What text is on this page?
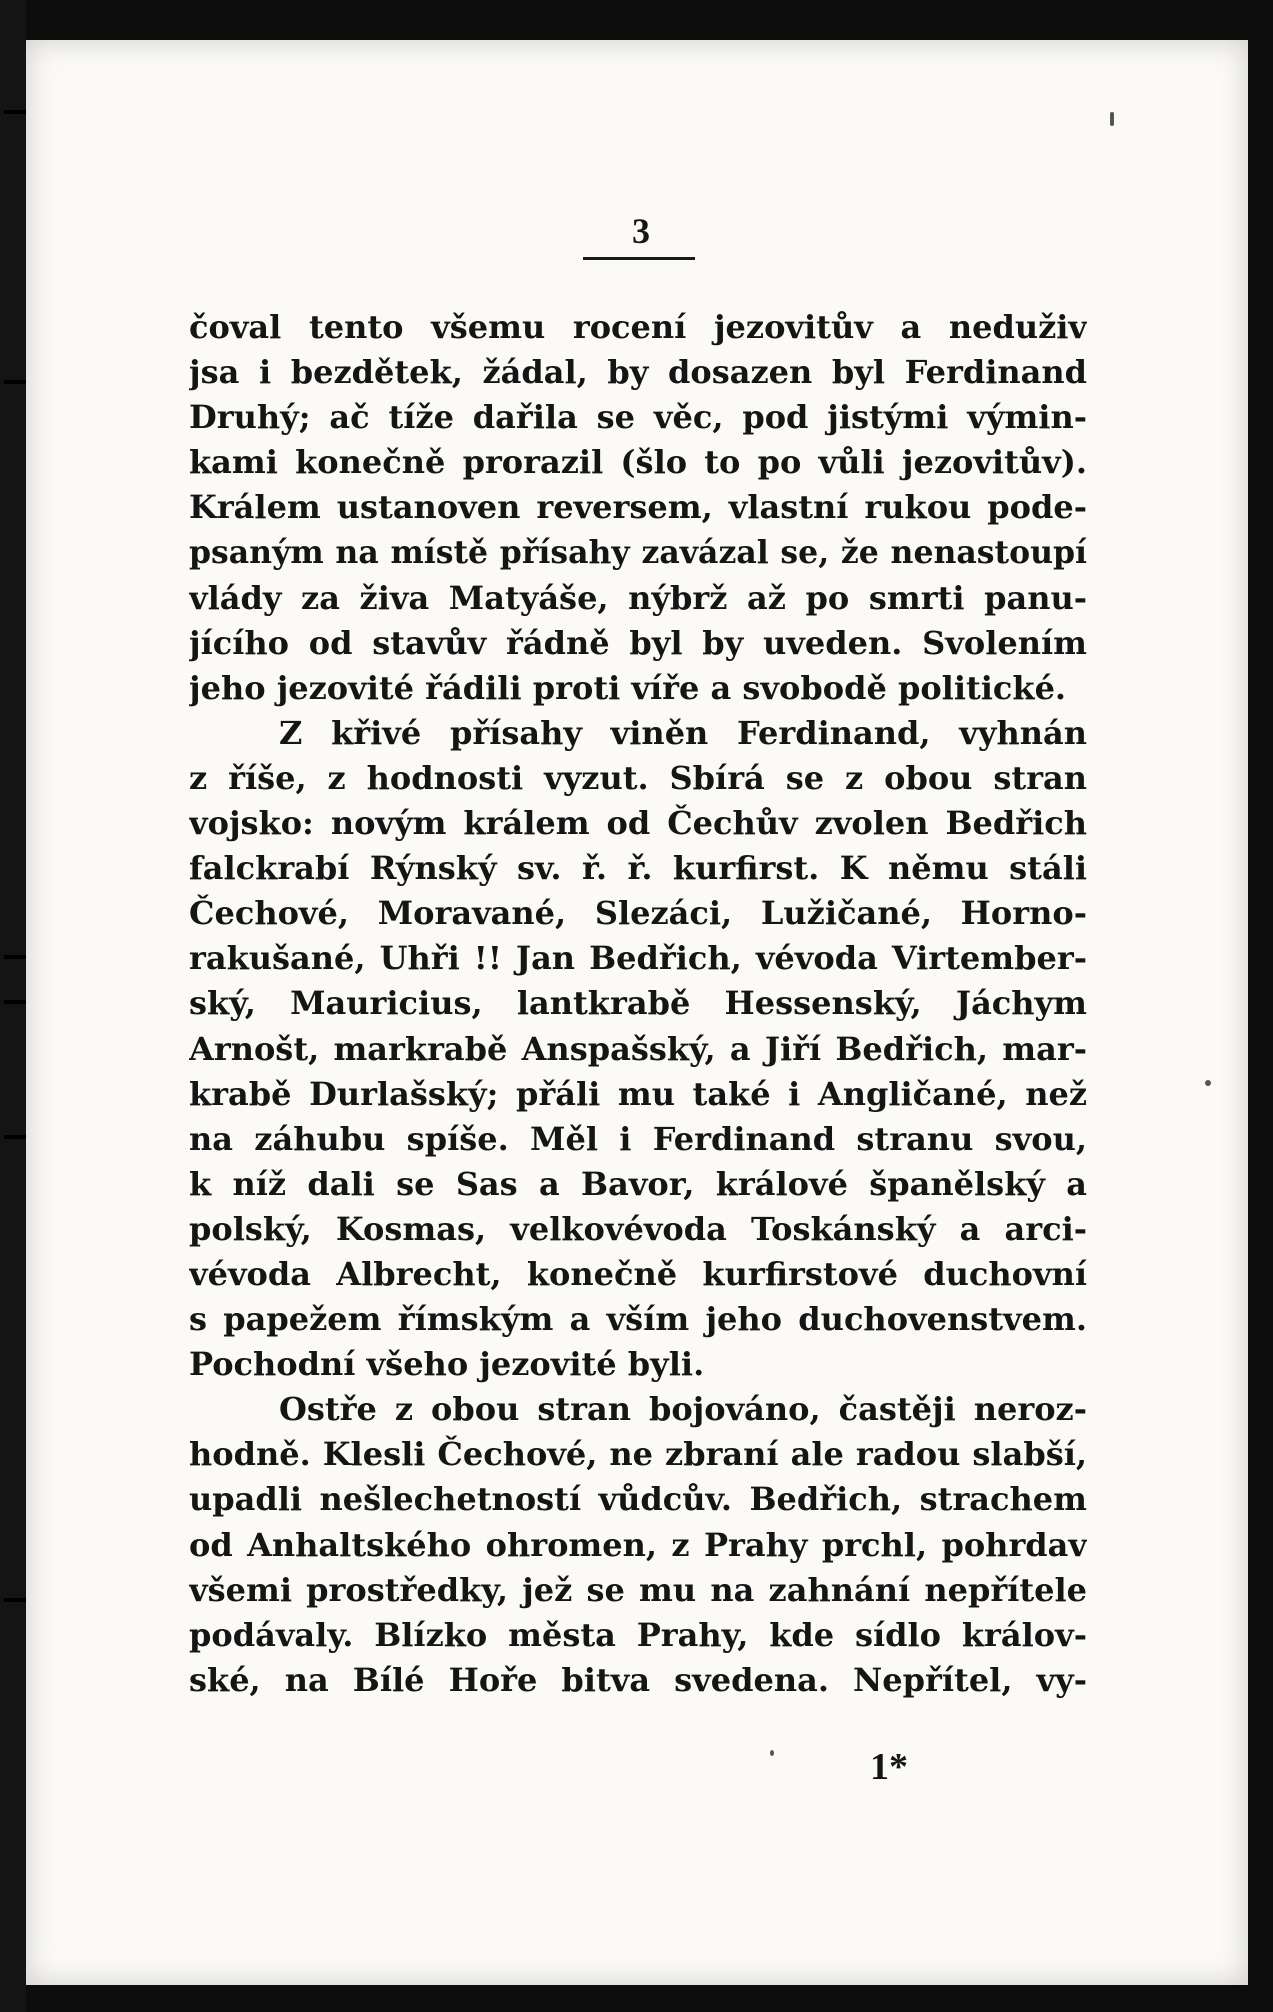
3
čoval tento všemu rocení jezovitův a neduživ
jsa i bezdětek, žádal, by dosazen byl Ferdinand
Druhý; ač tíže dařila se věc, pod jistými výmin-
kami konečně prorazil (šlo to po vůli jezovitův).
Králem ustanoven reversem, vlastní rukou pode-
psaným na místě přísahy zavázal se, že nenastoupí
vlády za živa Matyáše, nýbrž až po smrti panu-
jícího od stavův řádně byl by uveden. Svolením
jeho jezovité řádili proti víře a svobodě politické.
Z křivé přísahy viněn Ferdinand, vyhnán
z říše, z hodnosti vyzut. Sbírá se z obou stran
vojsko: novým králem od Čechův zvolen Bedřich
falckrabí Rýnský sv. ř. ř. kurfirst. K němu stáli
Čechové, Moravané, Slezáci, Lužičané, Horno-
rakušané, Uhři !! Jan Bedřich, vévoda Virtember-
ský, Mauricius, lantkrabě Hessenský, Jáchym
Arnošt, markrabě Anspašský, a Jiří Bedřich, mar-
krabě Durlašský; přáli mu také i Angličané, než
na záhubu spíše. Měl i Ferdinand stranu svou,
k níž dali se Sas a Bavor, králové španělský a
polský, Kosmas, velkovévoda Toskánský a arci-
vévoda Albrecht, konečně kurfirstové duchovní
s papežem římským a vším jeho duchovenstvem.
Pochodní všeho jezovité byli.
Ostře z obou stran bojováno, častěji neroz-
hodně. Klesli Čechové, ne zbraní ale radou slabší,
upadli nešlechetností vůdcův. Bedřich, strachem
od Anhaltského ohromen, z Prahy prchl, pohrdav
všemi prostředky, jež se mu na zahnání nepřítele
podávaly. Blízko města Prahy, kde sídlo králov-
ské, na Bílé Hoře bitva svedena. Nepřítel, vy-
1*
